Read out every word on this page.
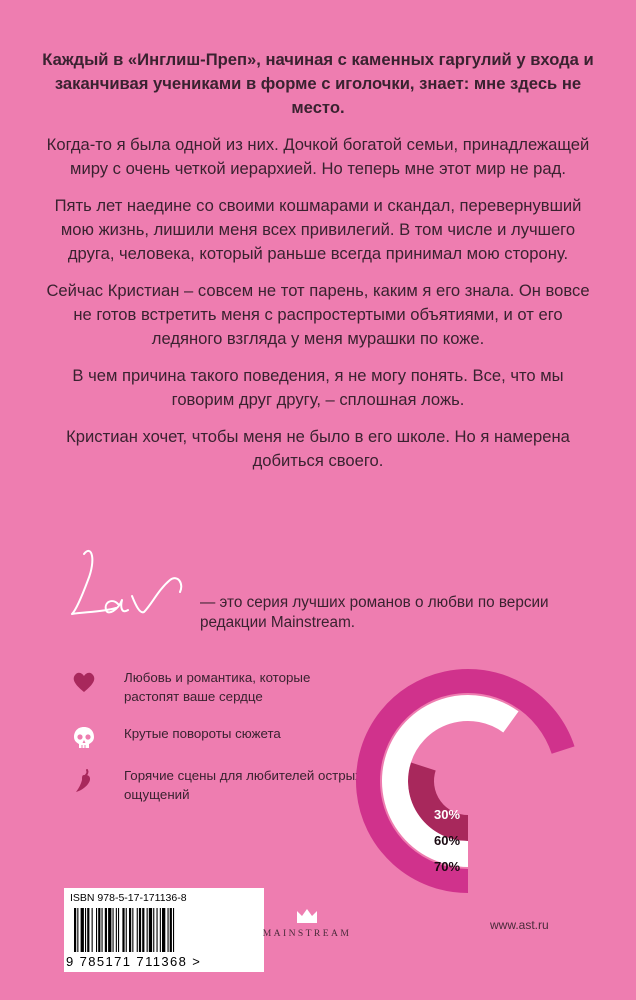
Каждый в «Инглиш-Преп», начиная с каменных гаргулий у входа и заканчивая учениками в форме с иголочки, знает: мне здесь не место.

Когда-то я была одной из них. Дочкой богатой семьи, принадлежащей миру с очень четкой иерархией. Но теперь мне этот мир не рад.

Пять лет наедине со своими кошмарами и скандал, перевернувший мою жизнь, лишили меня всех привилегий. В том числе и лучшего друга, человека, который раньше всегда принимал мою сторону.

Сейчас Кристиан – совсем не тот парень, каким я его знала. Он вовсе не готов встретить меня с распростертыми объятиями, и от его ледяного взгляда у меня мурашки по коже.

В чем причина такого поведения, я не могу понять. Все, что мы говорим друг другу, – сплошная ложь.

Кристиан хочет, чтобы меня не было в его школе. Но я намерена добиться своего.

— это серия лучших романов о любви по версии редакции Mainstream.
Любовь и романтика, которые растопят ваше сердце
Крутые повороты сюжета
Горячие сцены для любителей острых ощущений
30%
60%
70%
ISBN 978-5-17-171136-8
9 785171 711368 >
MAINSTREAM
www.ast.ru
